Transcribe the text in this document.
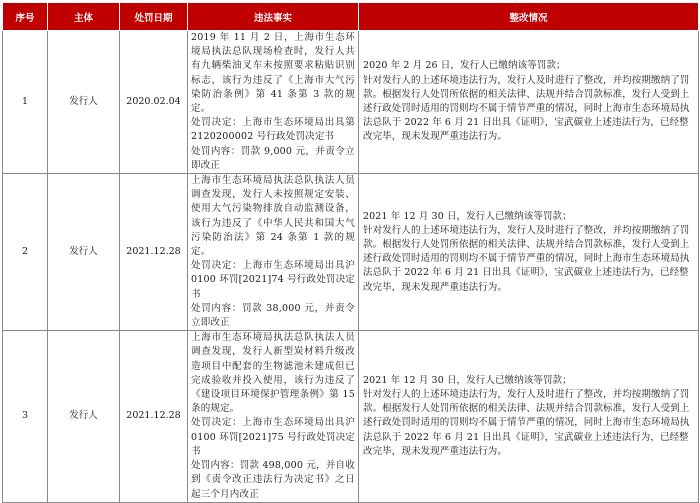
序号	主体	处罚日期	违法事实	整改情况
1	发行人	2020.02.04	2019 年 11 月 2 日，上海市生态环境局执法总队现场检查时，发行人共有九辆柴油叉车未按照要求粘贴识别标志，该行为违反了《上海市大气污染防治条例》第 41 条第 3 款的规定。
处罚决定：上海市生态环境局出具第 2120200002 号行政处罚决定书
处罚内容：罚款 9,000 元，并责令立即改正	2020 年 2 月 26 日，发行人已缴纳该等罚款；
针对发行人的上述环境违法行为，发行人及时进行了整改，并均按期缴纳了罚款。根据发行人处罚所依据的相关法律、法规并结合罚款标准，发行人受到上述行政处罚时适用的罚则均不属于情节严重的情况，同时上海市生态环境局执法总队于 2022 年 6 月 21 日出具《证明》，宝武碳业上述违法行为，已经整改完毕，现未发现严重违法行为。

2	发行人	2021.12.28	上海市生态环境局执法总队执法人员调查发现，发行人未按照规定安装、使用大气污染物排放自动监测设备，该行为违反了《中华人民共和国大气污染防治法》第 24 条第 1 款的规定。
处罚决定：上海市生态环境局出具沪 0100 环罚[2021]74 号行政处罚决定书
处罚内容：罚款 38,000 元，并责令立即改正	2021 年 12 月 30 日，发行人已缴纳该等罚款；
针对发行人的上述环境违法行为，发行人及时进行了整改，并均按期缴纳了罚款。根据发行人处罚所依据的相关法律、法规并结合罚款标准，发行人受到上述行政处罚时适用的罚则均不属于情节严重的情况，同时上海市生态环境局执法总队于 2022 年 6 月 21 日出具《证明》，宝武碳业上述违法行为，已经整改完毕，现未发现严重违法行为。

3	发行人	2021.12.28	上海市生态环境局执法总队执法人员调查发现，发行人新型炭材料升级改造项目中配套的生物滤池未建成但已完成验收并投入使用，该行为违反了《建设项目环境保护管理条例》第 15 条的规定。
处罚决定：上海市生态环境局出具沪 0100 环罚[2021]75 号行政处罚决定书
处罚内容：罚款 498,000 元，并自收到《责令改正违法行为决定书》之日起三个月内改正	2021 年 12 月 30 日，发行人已缴纳该等罚款；
针对发行人的上述环境违法行为，发行人及时进行了整改，并均按期缴纳了罚款。根据发行人处罚所依据的相关法律、法规并结合罚款标准，发行人受到上述行政处罚时适用的罚则均不属于情节严重的情况，同时上海市生态环境局执法总队于 2022 年 6 月 21 日出具《证明》，宝武碳业上述违法行为，已经整改完毕，现未发现严重违法行为。
